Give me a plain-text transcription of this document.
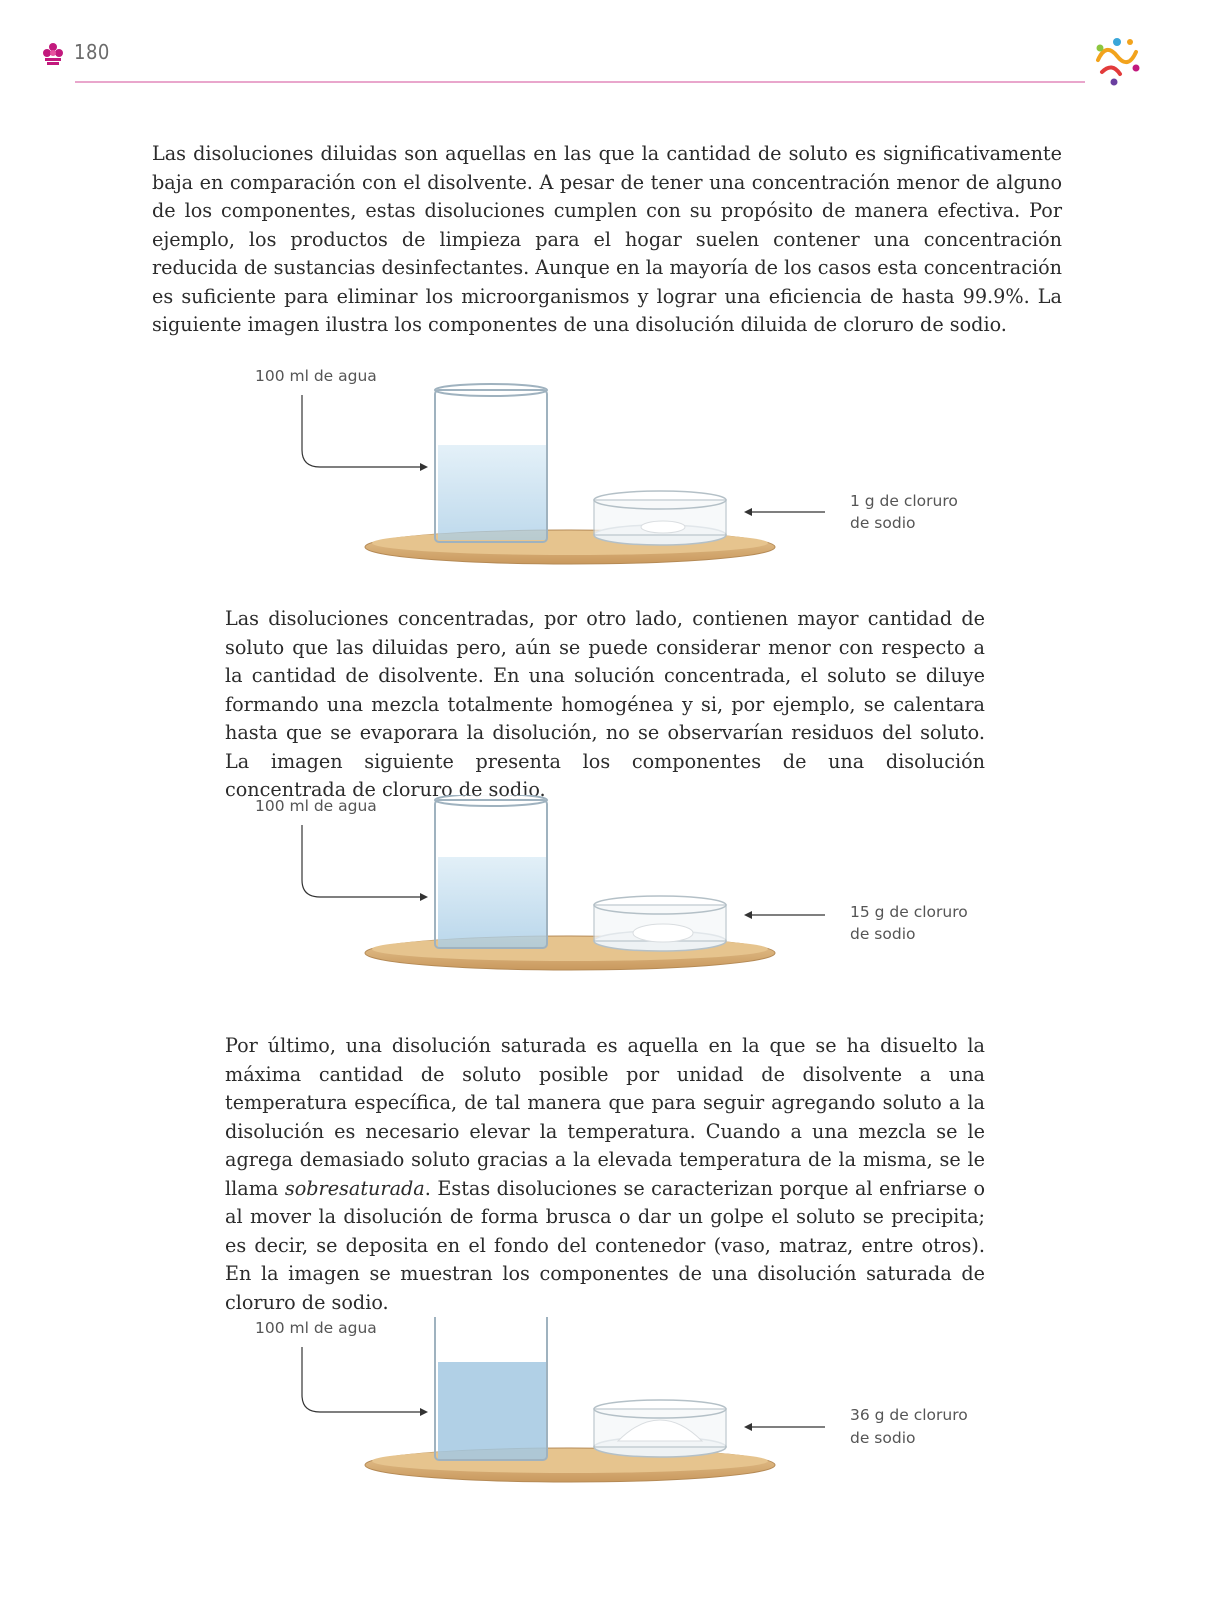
180

Las disoluciones diluidas son aquellas en las que la cantidad de soluto es significativamente baja en comparación con el disolvente. A pesar de tener una concentración menor de alguno de los componentes, estas disoluciones cumplen con su propósito de manera efectiva. Por ejemplo, los productos de limpieza para el hogar suelen contener una concentración reducida de sustancias desinfectantes. Aunque en la mayoría de los casos esta concentración es suficiente para eliminar los microorganismos y lograr una eficiencia de hasta 99.9%. La siguiente imagen ilustra los componentes de una disolución diluida de cloruro de sodio.

100 ml de agua
1 g de cloruro
de sodio

Las disoluciones concentradas, por otro lado, contienen mayor cantidad de soluto que las diluidas pero, aún se puede considerar menor con respecto a la cantidad de disolvente. En una solución concentrada, el soluto se diluye formando una mezcla totalmente homogénea y si, por ejemplo, se calentara hasta que se evaporara la disolución, no se observarían residuos del soluto. La imagen siguiente presenta los componentes de una disolución concentrada de cloruro de sodio.

100 ml de agua
15 g de cloruro
de sodio

Por último, una disolución saturada es aquella en la que se ha disuelto la máxima cantidad de soluto posible por unidad de disolvente a una temperatura específica, de tal manera que para seguir agregando soluto a la disolución es necesario elevar la temperatura. Cuando a una mezcla se le agrega demasiado soluto gracias a la elevada temperatura de la misma, se le llama sobresaturada. Estas disoluciones se caracterizan porque al enfriarse o al mover la disolución de forma brusca o dar un golpe el soluto se precipita; es decir, se deposita en el fondo del contenedor (vaso, matraz, entre otros). En la imagen se muestran los componentes de una disolución saturada de cloruro de sodio.

100 ml de agua
36 g de cloruro
de sodio
